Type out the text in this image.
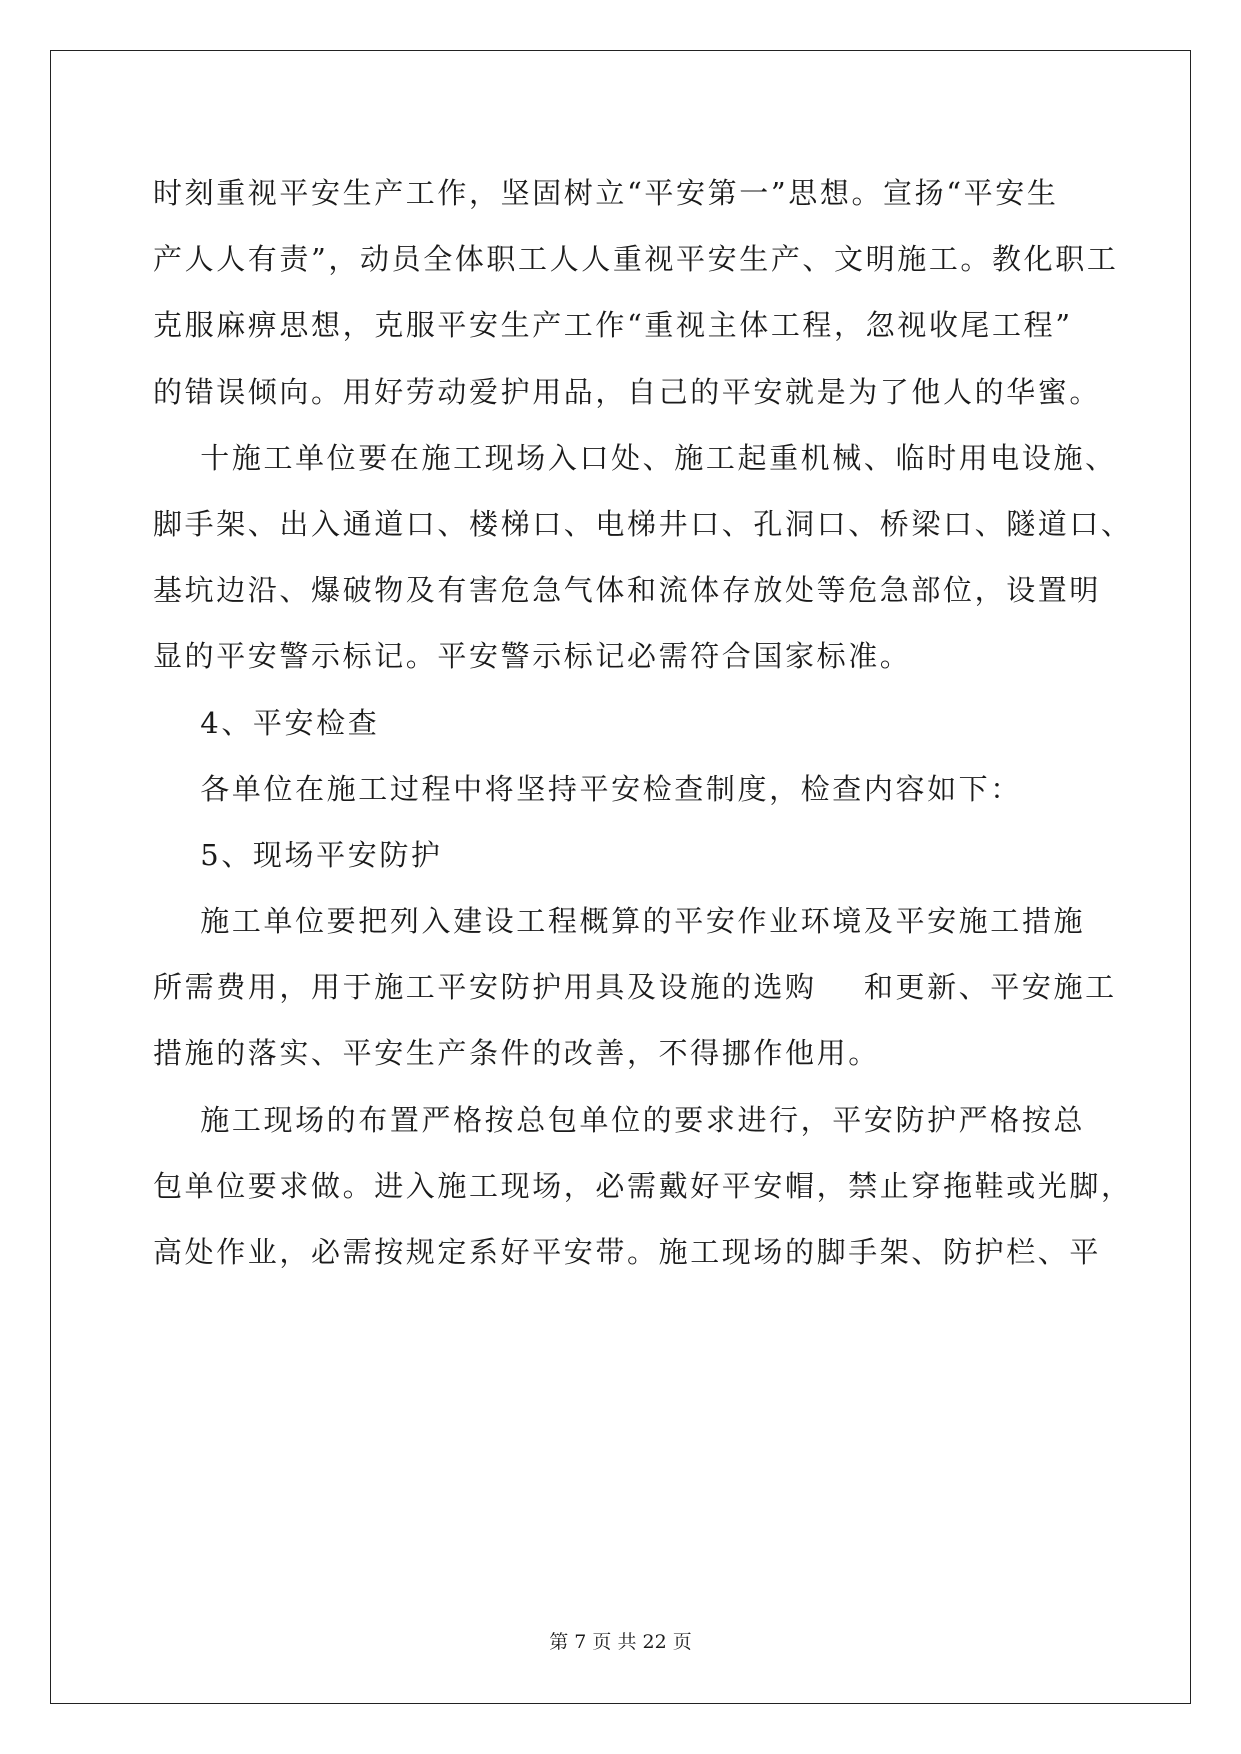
时刻重视平安生产工作，坚固树立“平安第一”思想。宣扬“平安生
产人人有责”，动员全体职工人人重视平安生产、文明施工。教化职工
克服麻痹思想，克服平安生产工作“重视主体工程，忽视收尾工程”
的错误倾向。用好劳动爱护用品，自己的平安就是为了他人的华蜜。
十施工单位要在施工现场入口处、施工起重机械、临时用电设施、
脚手架、出入通道口、楼梯口、电梯井口、孔洞口、桥梁口、隧道口、
基坑边沿、爆破物及有害危急气体和流体存放处等危急部位，设置明
显的平安警示标记。平安警示标记必需符合国家标准。
4、平安检查
各单位在施工过程中将坚持平安检查制度，检查内容如下：
5、现场平安防护
施工单位要把列入建设工程概算的平安作业环境及平安施工措施
所需费用，用于施工平安防护用具及设施的选购    和更新、平安施工
措施的落实、平安生产条件的改善，不得挪作他用。
施工现场的布置严格按总包单位的要求进行，平安防护严格按总
包单位要求做。进入施工现场，必需戴好平安帽，禁止穿拖鞋或光脚，
高处作业，必需按规定系好平安带。施工现场的脚手架、防护栏、平
第 7 页 共 22 页
